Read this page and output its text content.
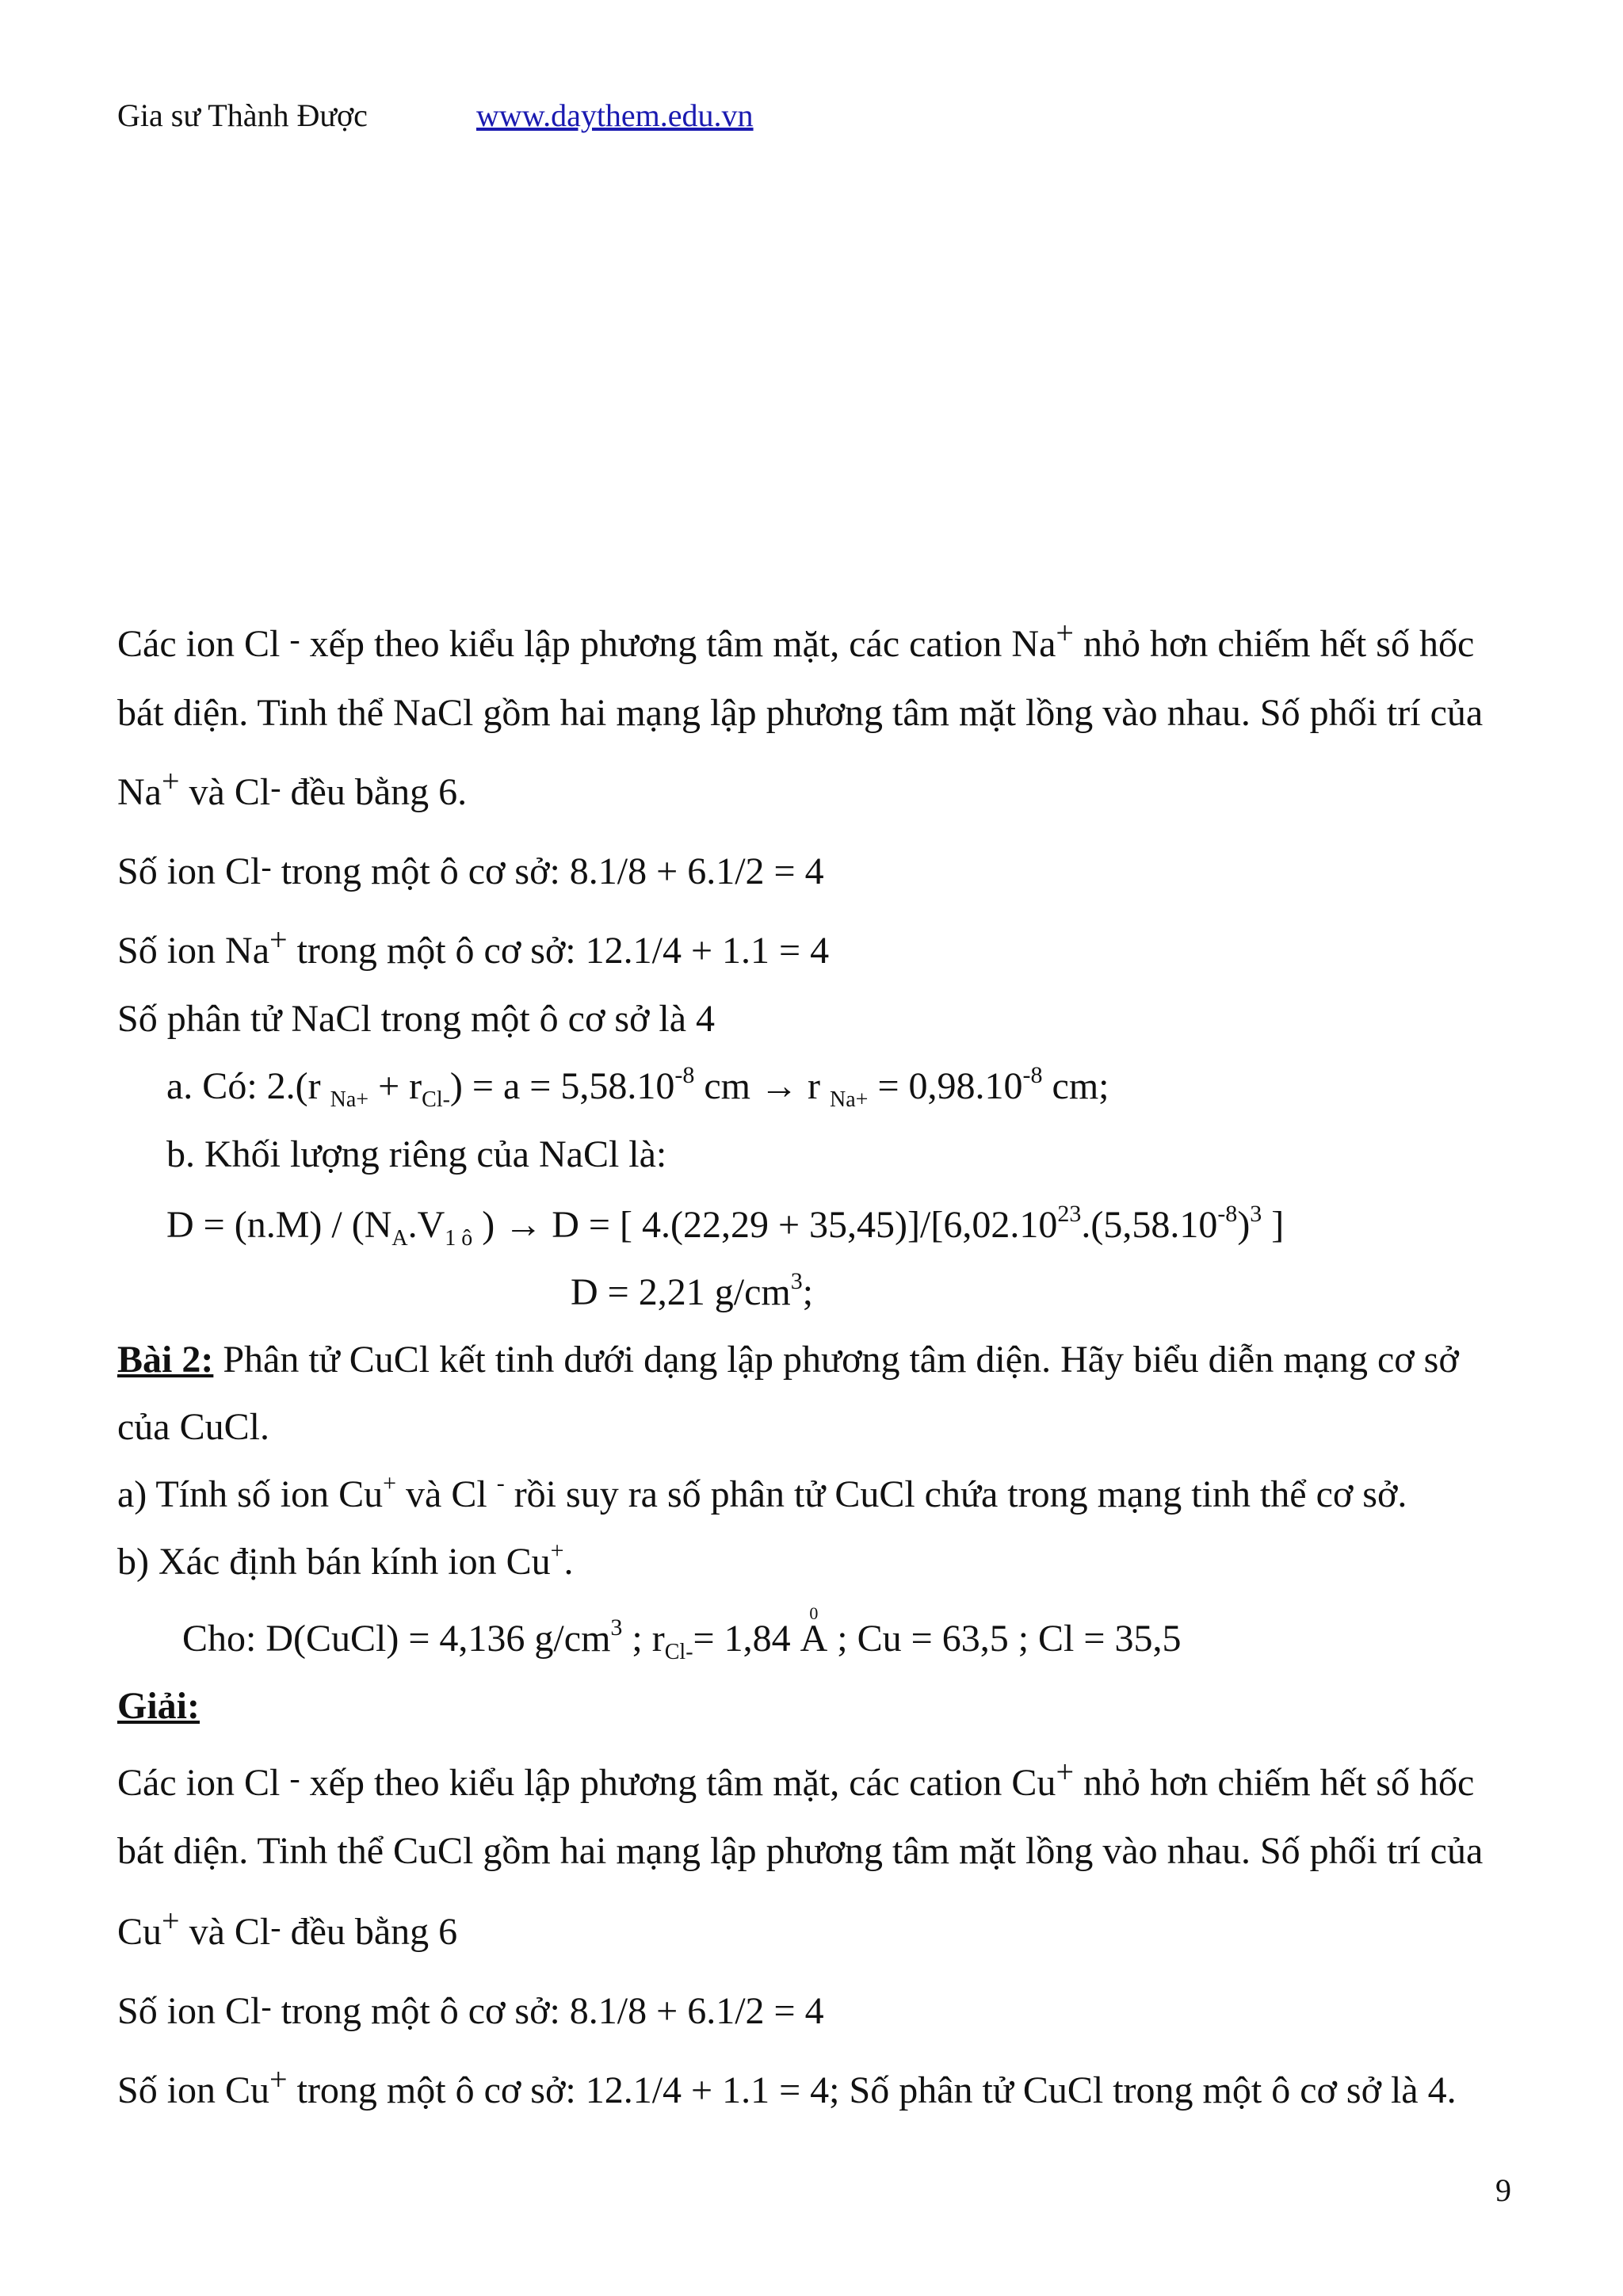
Gia sư Thành Được	www.daythem.edu.vn
Các ion Cl - xếp theo kiểu lập phương tâm mặt, các cation Na+ nhỏ hơn chiếm hết số hốc
bát diện. Tinh thể NaCl gồm hai mạng lập phương tâm mặt lồng vào nhau. Số phối trí của
Na+ và Cl- đều bằng 6.
Số ion Cl- trong một ô cơ sở: 8.1/8 + 6.1/2 = 4
Số ion Na+ trong một ô cơ sở: 12.1/4 + 1.1 = 4
Số phân tử NaCl trong một ô cơ sở là 4
a. Có: 2.(r $_{Na+} + r_{Cl-}) = a = 5,58.10^{-8}$ cm → r $_{Na+} = 0,98.10^{-8}$ cm;
b. Khối lượng riêng của NaCl là:
$D = (n.M) / (N_A.V_{1 ô}$ ) → D = [ $4.(22,29 + 35,45)]/[6,02.10^{23}.(5,58.10^{-8})^3$ ]
D = 2,21 $g/cm^3$;
Bài 2: Phân tử CuCl kết tinh dưới dạng lập phương tâm diện. Hãy biểu diễn mạng cơ sở
của CuCl.
a) Tính số ion Cu+ và Cl - rồi suy ra số phân tử CuCl chứa trong mạng tinh thể cơ sở.
b) Xác định bán kính ion Cu+.
Cho: D(CuCl) = 4,136 $g/cm^3$ ; $r_{Cl-}= 1,84$
0
A ; Cu = 63,5 ; Cl = 35,5
Giải:
Các ion Cl - xếp theo kiểu lập phương tâm mặt, các cation Cu+ nhỏ hơn chiếm hết số hốc
bát diện. Tinh thể CuCl gồm hai mạng lập phương tâm mặt lồng vào nhau. Số phối trí của
Cu+ và Cl- đều bằng 6
Số ion Cl- trong một ô cơ sở: 8.1/8 + 6.1/2 = 4
Số ion Cu+ trong một ô cơ sở: 12.1/4 + 1.1 = 4; Số phân tử CuCl trong một ô cơ sở là 4.
9
